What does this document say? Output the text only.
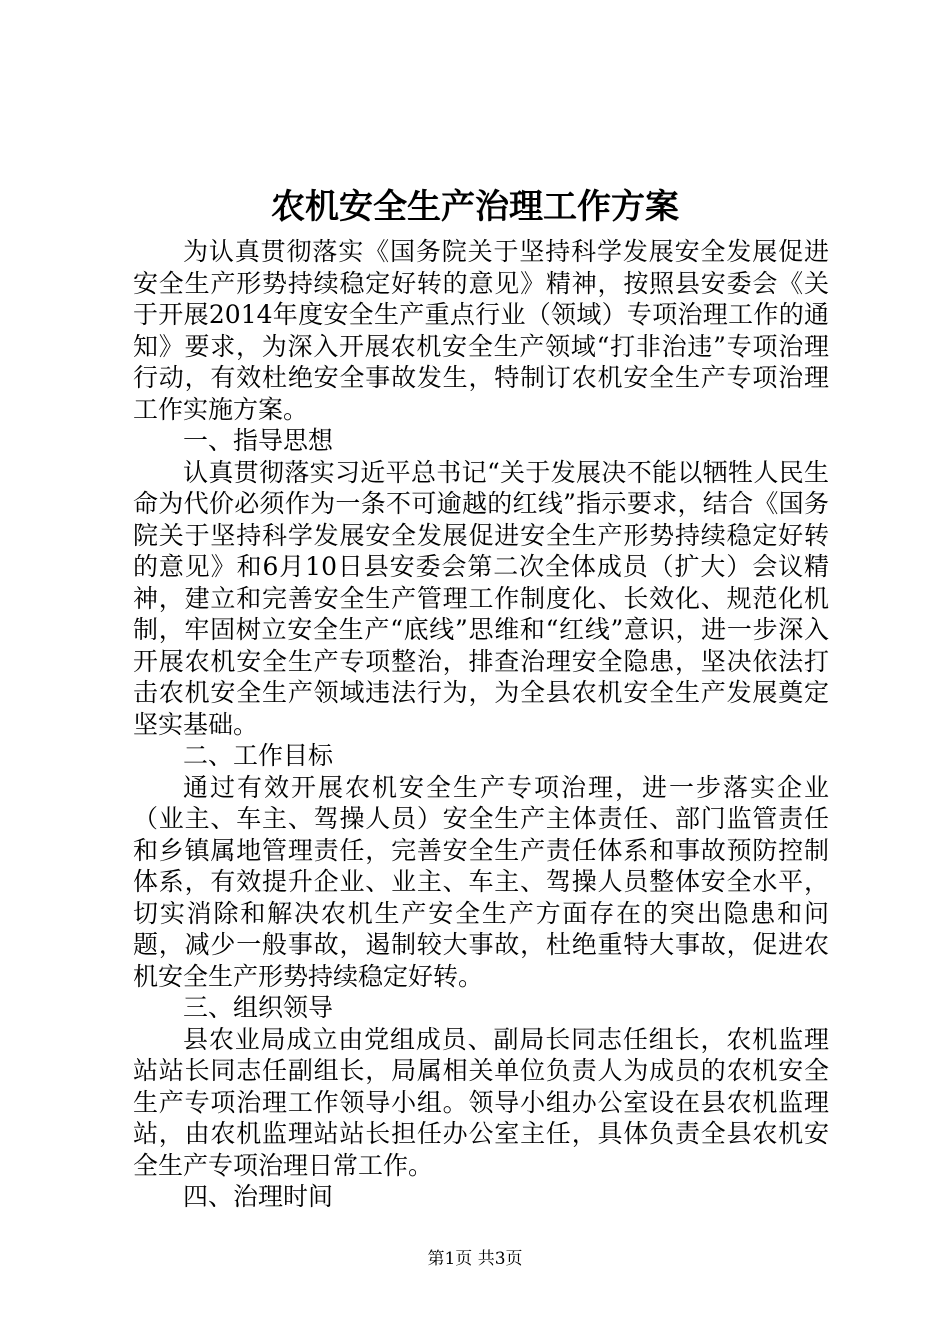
农机安全生产治理工作方案

为认真贯彻落实《国务院关于坚持科学发展安全发展促进安全生产形势持续稳定好转的意见》精神，按照县安委会《关于开展2014年度安全生产重点行业（领域）专项治理工作的通知》要求，为深入开展农机安全生产领域“打非治违”专项治理行动，有效杜绝安全事故发生，特制订农机安全生产专项治理工作实施方案。

一、指导思想

认真贯彻落实习近平总书记“关于发展决不能以牺牲人民生命为代价必须作为一条不可逾越的红线”指示要求，结合《国务院关于坚持科学发展安全发展促进安全生产形势持续稳定好转的意见》和6月10日县安委会第二次全体成员（扩大）会议精神，建立和完善安全生产管理工作制度化、长效化、规范化机制，牢固树立安全生产“底线”思维和“红线”意识，进一步深入开展农机安全生产专项整治，排查治理安全隐患，坚决依法打击农机安全生产领域违法行为，为全县农机安全生产发展奠定坚实基础。

二、工作目标

通过有效开展农机安全生产专项治理，进一步落实企业（业主、车主、驾操人员）安全生产主体责任、部门监管责任和乡镇属地管理责任，完善安全生产责任体系和事故预防控制体系，有效提升企业、业主、车主、驾操人员整体安全水平，切实消除和解决农机生产安全生产方面存在的突出隐患和问题，减少一般事故，遏制较大事故，杜绝重特大事故，促进农机安全生产形势持续稳定好转。

三、组织领导

县农业局成立由党组成员、副局长同志任组长，农机监理站站长同志任副组长，局属相关单位负责人为成员的农机安全生产专项治理工作领导小组。领导小组办公室设在县农机监理站，由农机监理站站长担任办公室主任，具体负责全县农机安全生产专项治理日常工作。

四、治理时间
第1页 共3页
